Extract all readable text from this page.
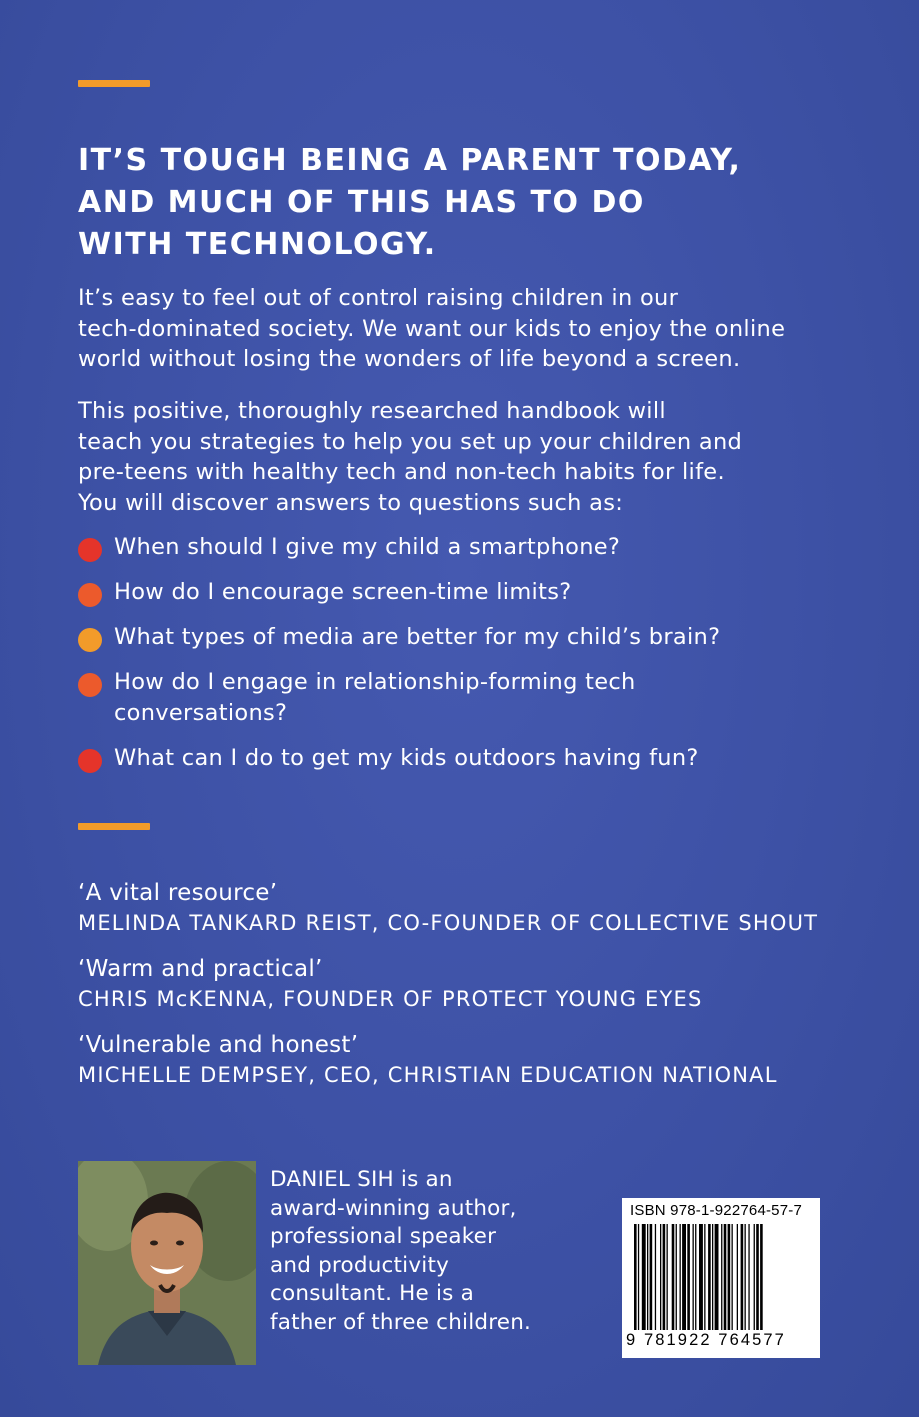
IT’S TOUGH BEING A PARENT TODAY,
AND MUCH OF THIS HAS TO DO
WITH TECHNOLOGY.
It’s easy to feel out of control raising children in our
tech-dominated society. We want our kids to enjoy the online
world without losing the wonders of life beyond a screen.
This positive, thoroughly researched handbook will
teach you strategies to help you set up your children and
pre-teens with healthy tech and non-tech habits for life.
You will discover answers to questions such as:
When should I give my child a smartphone?
How do I encourage screen-time limits?
What types of media are better for my child’s brain?
How do I engage in relationship-forming tech
conversations?
What can I do to get my kids outdoors having fun?
‘A vital resource’
MELINDA TANKARD REIST, CO-FOUNDER OF COLLECTIVE SHOUT
‘Warm and practical’
CHRIS McKENNA, FOUNDER OF PROTECT YOUNG EYES
‘Vulnerable and honest’
MICHELLE DEMPSEY, CEO, CHRISTIAN EDUCATION NATIONAL
DANIEL SIH is an
award-winning author,
professional speaker
and productivity
consultant. He is a
father of three children.
ISBN 978-1-922764-57-7
9 781922 764577
